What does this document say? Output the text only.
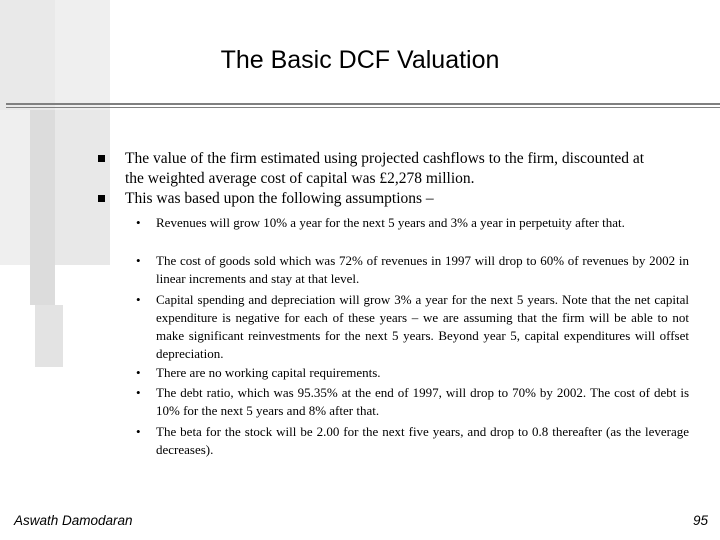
The Basic DCF Valuation
The value of the firm estimated using projected cashflows to the firm, discounted at the weighted average cost of capital was £2,278 million.
This was based upon the following assumptions –
• Revenues will grow 10% a year for the next 5 years and 3% a year in perpetuity after that.
• The cost of goods sold which was 72% of revenues in 1997 will drop to 60% of revenues by 2002 in linear increments and stay at that level.
• Capital spending and depreciation will grow 3% a year for the next 5 years. Note that the net capital expenditure is negative for each of these years – we are assuming that the firm will be able to not make significant reinvestments for the next 5 years. Beyond year 5, capital expenditures will offset depreciation.
• There are no working capital requirements.
• The debt ratio, which was 95.35% at the end of 1997, will drop to 70% by 2002. The cost of debt is 10% for the next 5 years and 8% after that.
• The beta for the stock will be 2.00 for the next five years, and drop to 0.8 thereafter (as the leverage decreases).
Aswath Damodaran	95
